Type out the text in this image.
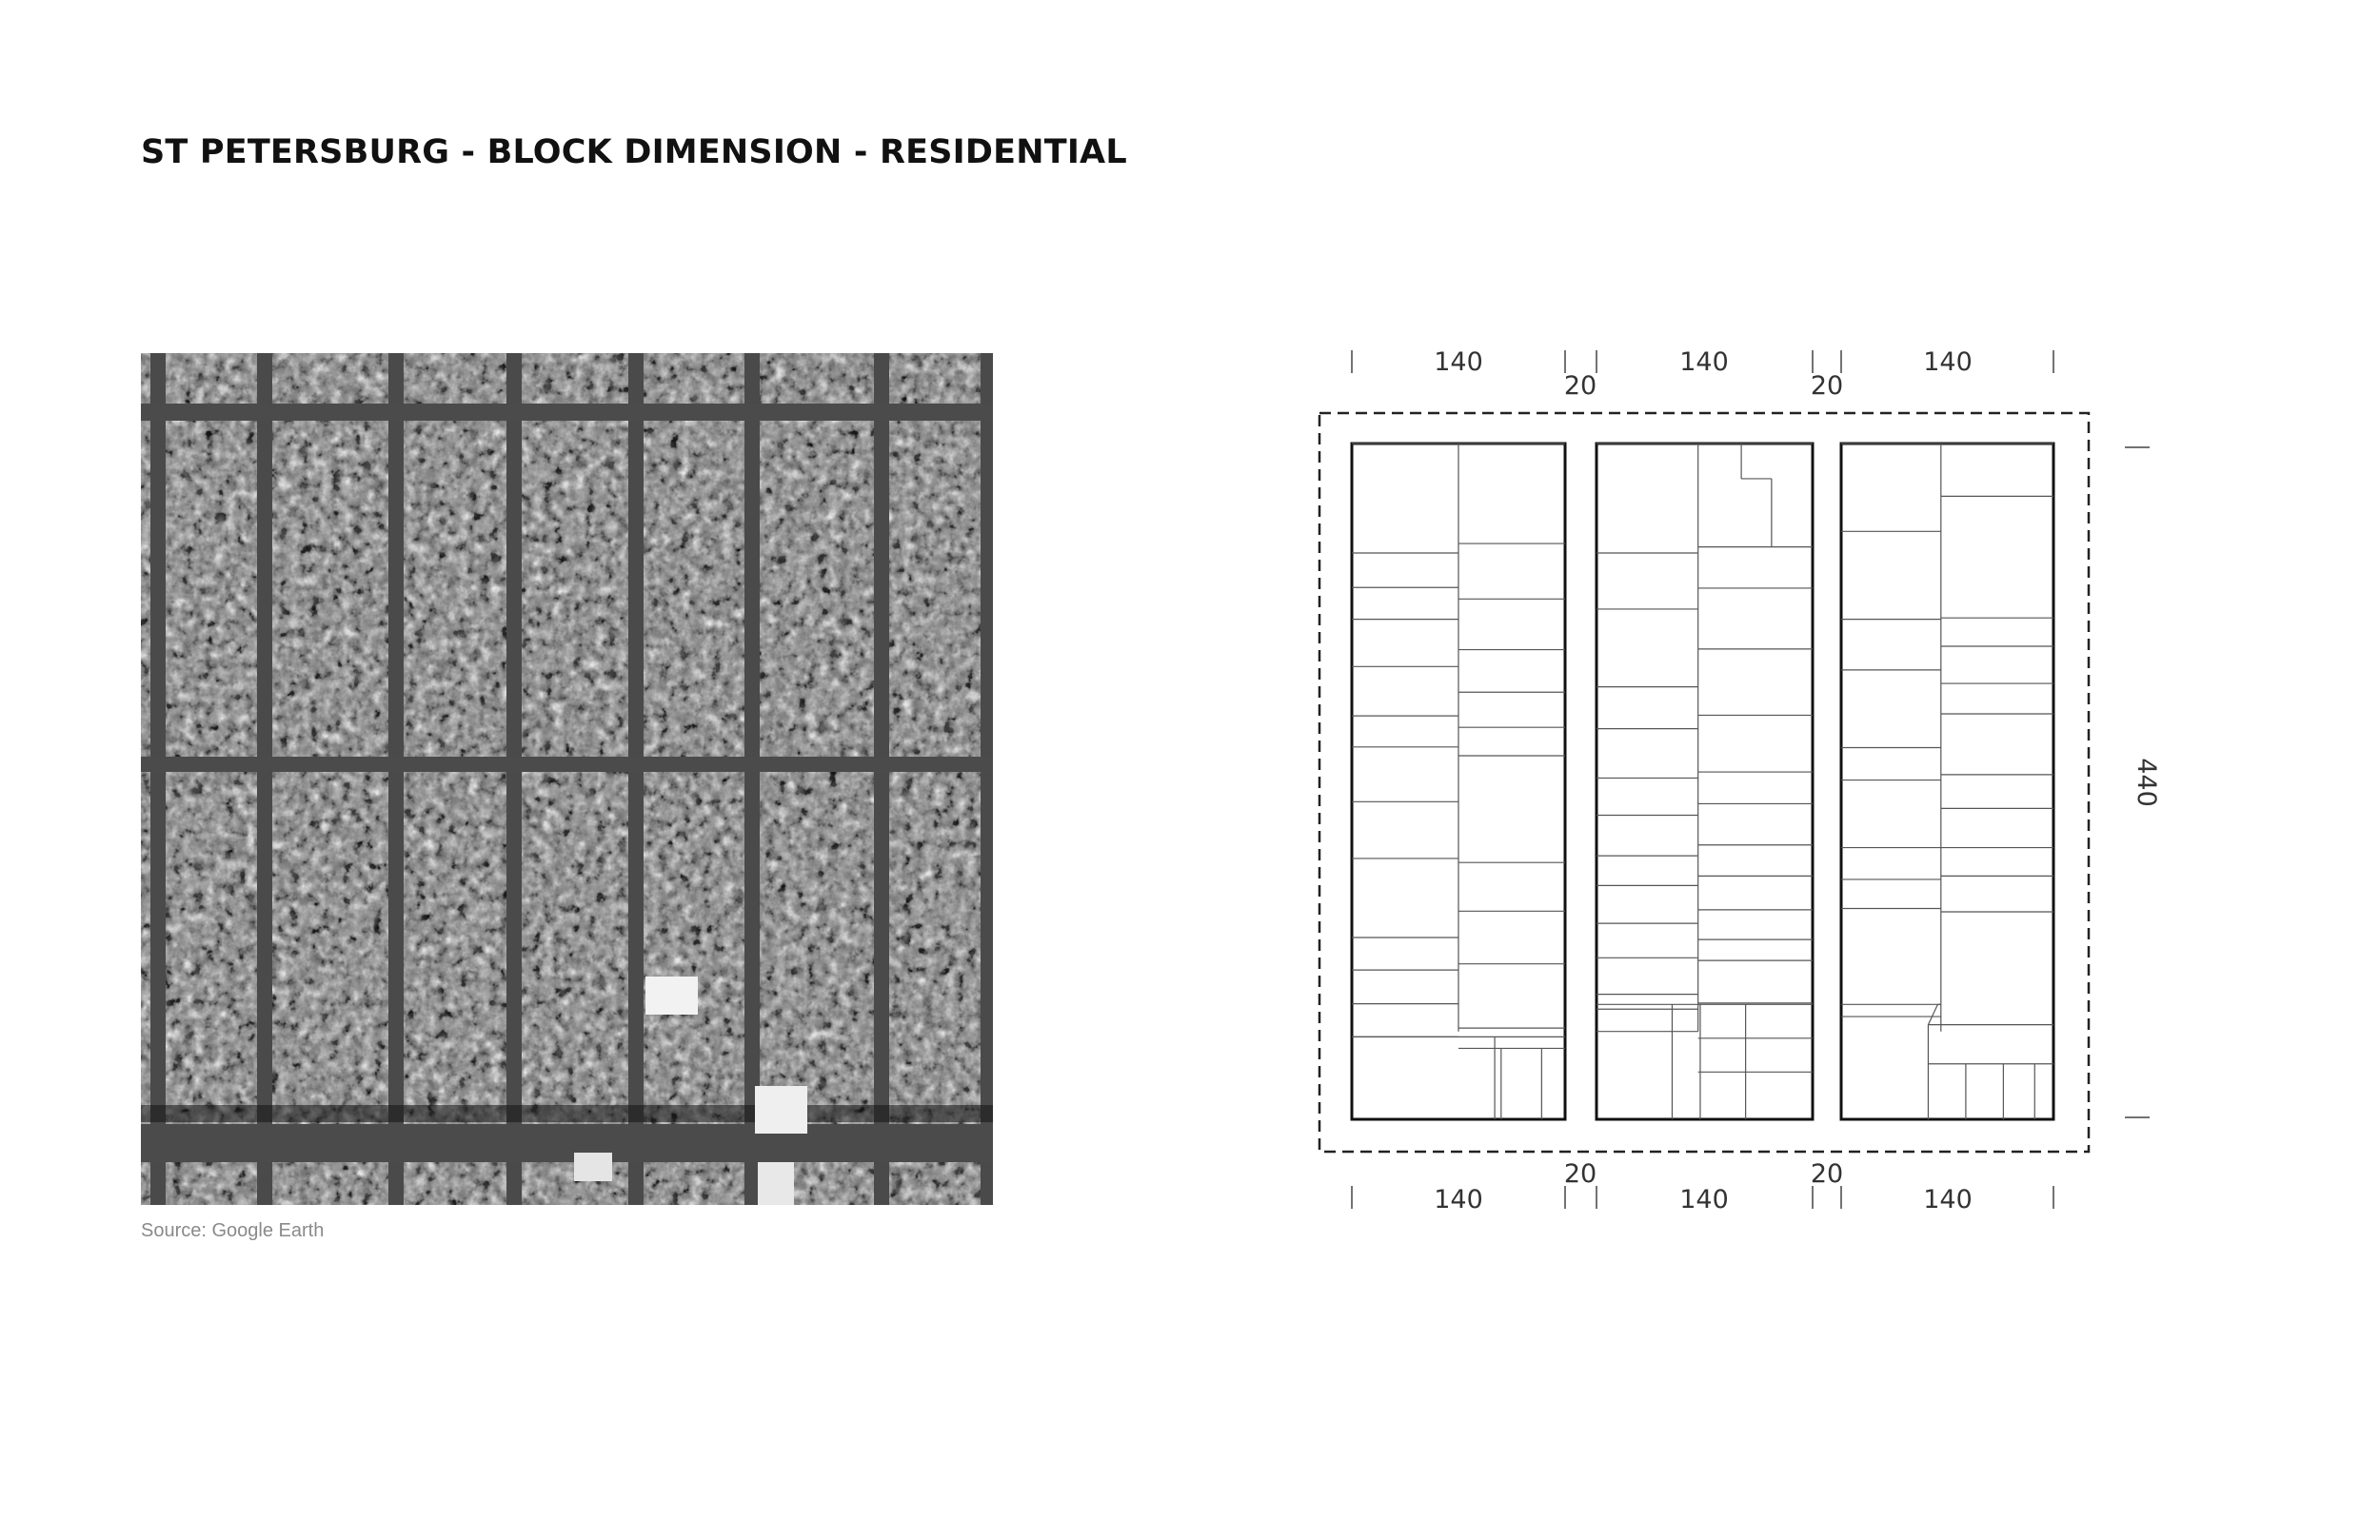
ST PETERSBURG - BLOCK DIMENSION - RESIDENTIAL
Source: Google Earth
140	140	140
20	20
20	20
140	140	140
440
